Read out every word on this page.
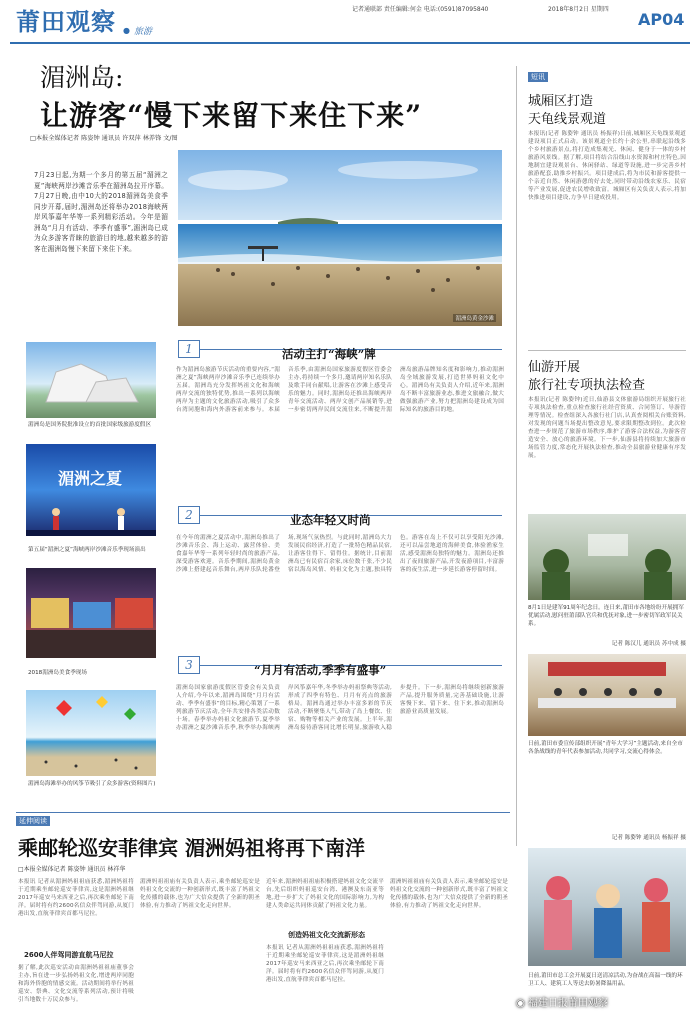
莆田观察 ● 旅游
记者通联部 责任编辑:何金 电话:(0591)87095840	2018年8月2日 星期四
AP04
湄洲岛:
让游客“慢下来留下来住下来”
□本报全媒体记者 陈姿钟 通讯员 许双萍 林养锋 文/图
7月23日起,为期一个多月的第五届“湄洲之夏”海峡两岸沙滩音乐季在湄洲岛拉开序幕。7月27日晚,由中10大的2018湄洲岛美食季同步开幕,届时,湄洲岛还将举办2018海峡两岸风筝嘉年华等一系列精彩活动。今年是湄洲岛“月月有活动、季季有盛事”,湄洲岛已成为众多游客青睐的旅游目的地,越来越多的游客在湄洲岛慢下来留下来住下来。
湄洲岛黄金沙滩
湄洲岛是国务院批准设立的首批国家级旅游度假区
湄洲之夏
第五届“湄洲之夏”海峡两岸沙滩音乐季现场演出
2018湄洲岛美食季现场
湄洲岛海滩举办的风筝节吸引了众多游客(资料图片)
1	活动主打“海峡”牌
作为湄洲岛旅游节庆活动的重要内容,“湄洲之夏”海峡两岸沙滩音乐季已连续举办五届。湄洲岛充分发挥妈祖文化和海峡两岸交流的独特优势,推出一系列以海峡两岸为主题的文化旅游活动,吸引了众多台湾同胞和海内外游客前来参与。本届音乐季,由湄洲岛国家旅游度假区管委会主办,将持续一个多月,邀请两岸知名乐队及歌手同台献唱,让游客在沙滩上感受音乐的魅力。同时,湄洲岛还推出海峡两岸青年交流活动、两岸文创产品展销等,进一步密切两岸民间交流往来,不断提升湄洲岛旅游品牌知名度和影响力,推动湄洲岛全域旅游发展,打造世界妈祖文化中心。湄洲岛有关负责人介绍,近年来,湄洲岛不断丰富旅游业态,推进文旅融合,做大做强旅游产业,努力把湄洲岛建设成为国际知名的旅游目的地。
2	业态年轻又时尚
在今年的湄洲之夏活动中,湄洲岛推出了沙滩音乐会、海上运动、露营体验、美食嘉年华等一系列年轻时尚的旅游产品,深受游客欢迎。音乐季期间,湄洲岛黄金沙滩上搭建起音乐舞台,两岸乐队轮番登场,现场气氛热烈。与此同时,湄洲岛大力发展民宿经济,打造了一批特色精品民宿,让游客住得下、留得住。据统计,目前湄洲岛已有民宿百余家,床位数千张,不少民宿以海岛风情、妈祖文化为主题,独具特色。游客在岛上不仅可以享受阳光沙滩,还可以品尝地道的海鲜美食,体验渔家生活,感受湄洲岛独特的魅力。湄洲岛还推出了夜间旅游产品,开发夜游项目,丰富游客的夜生活,进一步延长游客停留时间。
3	“月月有活动,季季有盛事”
湄洲岛国家旅游度假区管委会有关负责人介绍,今年以来,湄洲岛围绕“月月有活动、季季有盛事”的目标,精心策划了一系列旅游节庆活动,全年共安排各类活动数十场。春季举办妈祖文化旅游节,夏季举办湄洲之夏沙滩音乐季,秋季举办海峡两岸风筝嘉年华,冬季举办妈祖祭典等活动,形成了四季有特色、月月有亮点的旅游格局。湄洲岛通过举办丰富多彩的节庆活动,不断聚集人气,带动了岛上餐饮、住宿、购物等相关产业的发展。上半年,湄洲岛接待游客同比增长明显,旅游收入稳步提升。下一步,湄洲岛将继续创新旅游产品,提升服务质量,完善基础设施,让游客慢下来、留下来、住下来,推动湄洲岛旅游业高质量发展。
短讯
城厢区打造
天龟线景观道
本报讯(记者 陈姿钟 通讯员 杨振祥)日前,城厢区天龟线景观道建设项目正式启动。该景观道全长约十余公里,串联起沿线多个乡村旅游景点,将打造成集观光、休闲、健身于一体的乡村旅游风景线。据了解,项目将结合沿线山水资源和村庄特色,因地制宜建设观景台、休闲驿站、绿道等设施,进一步完善乡村旅游配套,助推乡村振兴。项目建成后,将为市民和游客提供一个亲近自然、休闲游憩的好去处,同时带动沿线农家乐、民宿等产业发展,促进农民增收致富。城厢区有关负责人表示,将加快推进项目建设,力争早日建成投用。
仙游开展
旅行社专项执法检查
本报讯(记者 陈姿钟)近日,仙游县文体旅游局组织开展旅行社专项执法检查,重点检查旅行社经营资质、合同签订、导游管理等情况。检查组深入各旅行社门店,认真查阅相关台账资料,对发现的问题当场提出整改意见,要求限期整改到位。此次检查进一步规范了旅游市场秩序,维护了游客合法权益,为游客营造安全、放心的旅游环境。下一步,仙游县将持续加大旅游市场监管力度,常态化开展执法检查,推动全县旅游业健康有序发展。
8月1日是建军91周年纪念日。连日来,莆田市各地纷纷开展拥军优属活动,慰问驻莆部队官兵和优抚对象,进一步密切军政军民关系。
记者 陈汉儿 通讯员 苏中成 摄
日前,莆田市委宣传部组织开展“青年大学习”主题活动,来自全市各条战线的青年代表参加活动,共同学习,交流心得体会。
记者 陈姿钟 通讯员 杨振祥 摄
日前,莆田市总工会开展夏日送清凉活动,为奋战在高温一线的环卫工人、建筑工人等送去防暑降温用品。
延伸阅读
乘邮轮巡安菲律宾 湄洲妈祖将再下南洋
□本报全媒体记者 陈姿钟 通讯员 林祥华
本报讯 记者从湄洲妈祖祖庙获悉,湄洲妈祖将于近期乘坐邮轮巡安菲律宾,这是湄洲妈祖继2017年巡安马来西亚之后,再次乘坐邮轮下南洋。届时将有约2600名信众伴驾同游,从厦门港出发,直航菲律宾首都马尼拉。
2600人伴驾同游直航马尼拉
据了解,此次巡安活动由湄洲妈祖祖庙董事会主办,旨在进一步弘扬妈祖文化,增进两岸同胞和海外侨胞的情感交流。活动期间将举行妈祖巡安、祭典、文化交流等系列活动,预计将吸引当地数十万民众参与。
湄洲妈祖祖庙有关负责人表示,乘坐邮轮巡安是妈祖文化交流的一种创新形式,既丰富了妈祖文化传播的载体,也为广大信众提供了全新的朝圣体验,有力推动了妈祖文化走向世界。
近年来,湄洲妈祖祖庙积极搭建妈祖文化交流平台,先后组织妈祖巡安台湾、港澳及东南亚等地,进一步扩大了妈祖文化的国际影响力,为构建人类命运共同体贡献了妈祖文化力量。
创造妈祖文化交流新形态
本报讯 记者从湄洲妈祖祖庙获悉,湄洲妈祖将于近期乘坐邮轮巡安菲律宾,这是湄洲妈祖继2017年巡安马来西亚之后,再次乘坐邮轮下南洋。届时将有约2600名信众伴驾同游,从厦门港出发,直航菲律宾首都马尼拉。
湄洲妈祖祖庙有关负责人表示,乘坐邮轮巡安是妈祖文化交流的一种创新形式,既丰富了妈祖文化传播的载体,也为广大信众提供了全新的朝圣体验,有力推动了妈祖文化走向世界。
◉ 福建日报莆田观察
